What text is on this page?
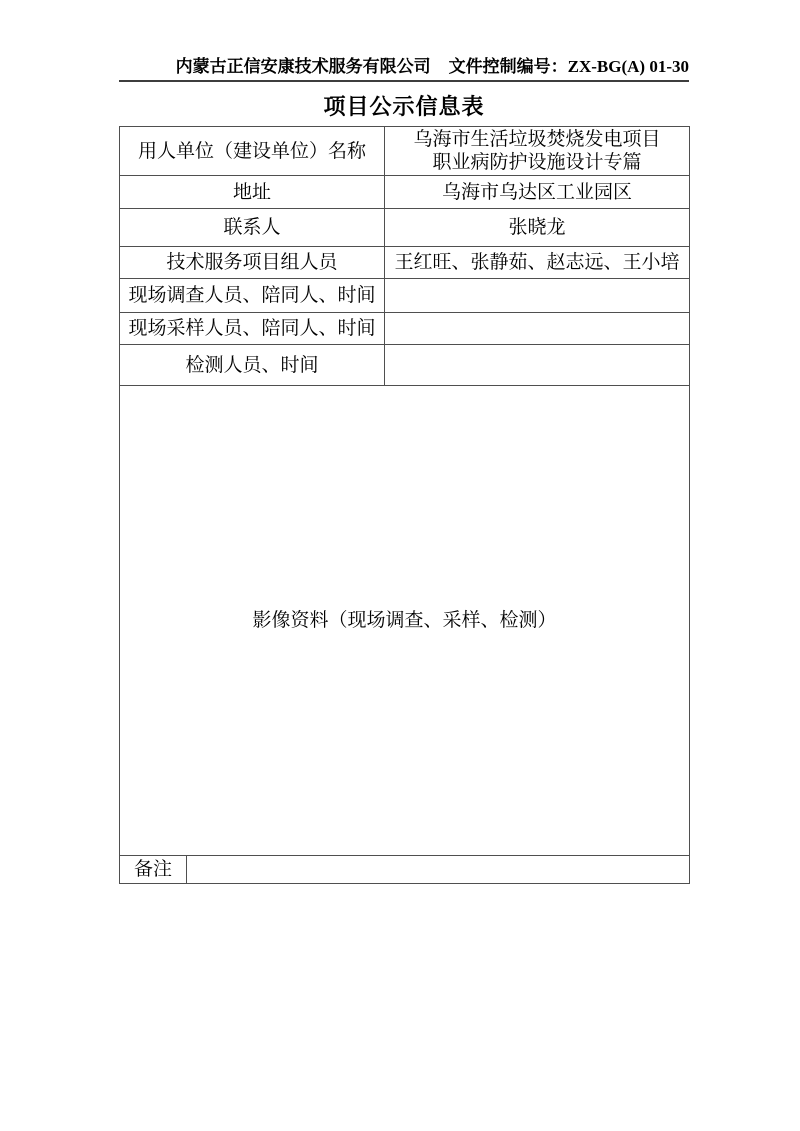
内蒙古正信安康技术服务有限公司 文件控制编号：ZX-BG(A) 01-30
项目公示信息表
用人单位（建设单位）名称		乌海市生活垃圾焚烧发电项目
职业病防护设施设计专篇

地址		乌海市乌达区工业园区
联系人		张晓龙
技术服务项目组人员		王红旺、张静茹、赵志远、王小培
现场调查人员、陪同人、时间		
现场采样人员、陪同人、时间		
检测人员、时间		
影像资料（现场调查、采样、检测）		
备注		
